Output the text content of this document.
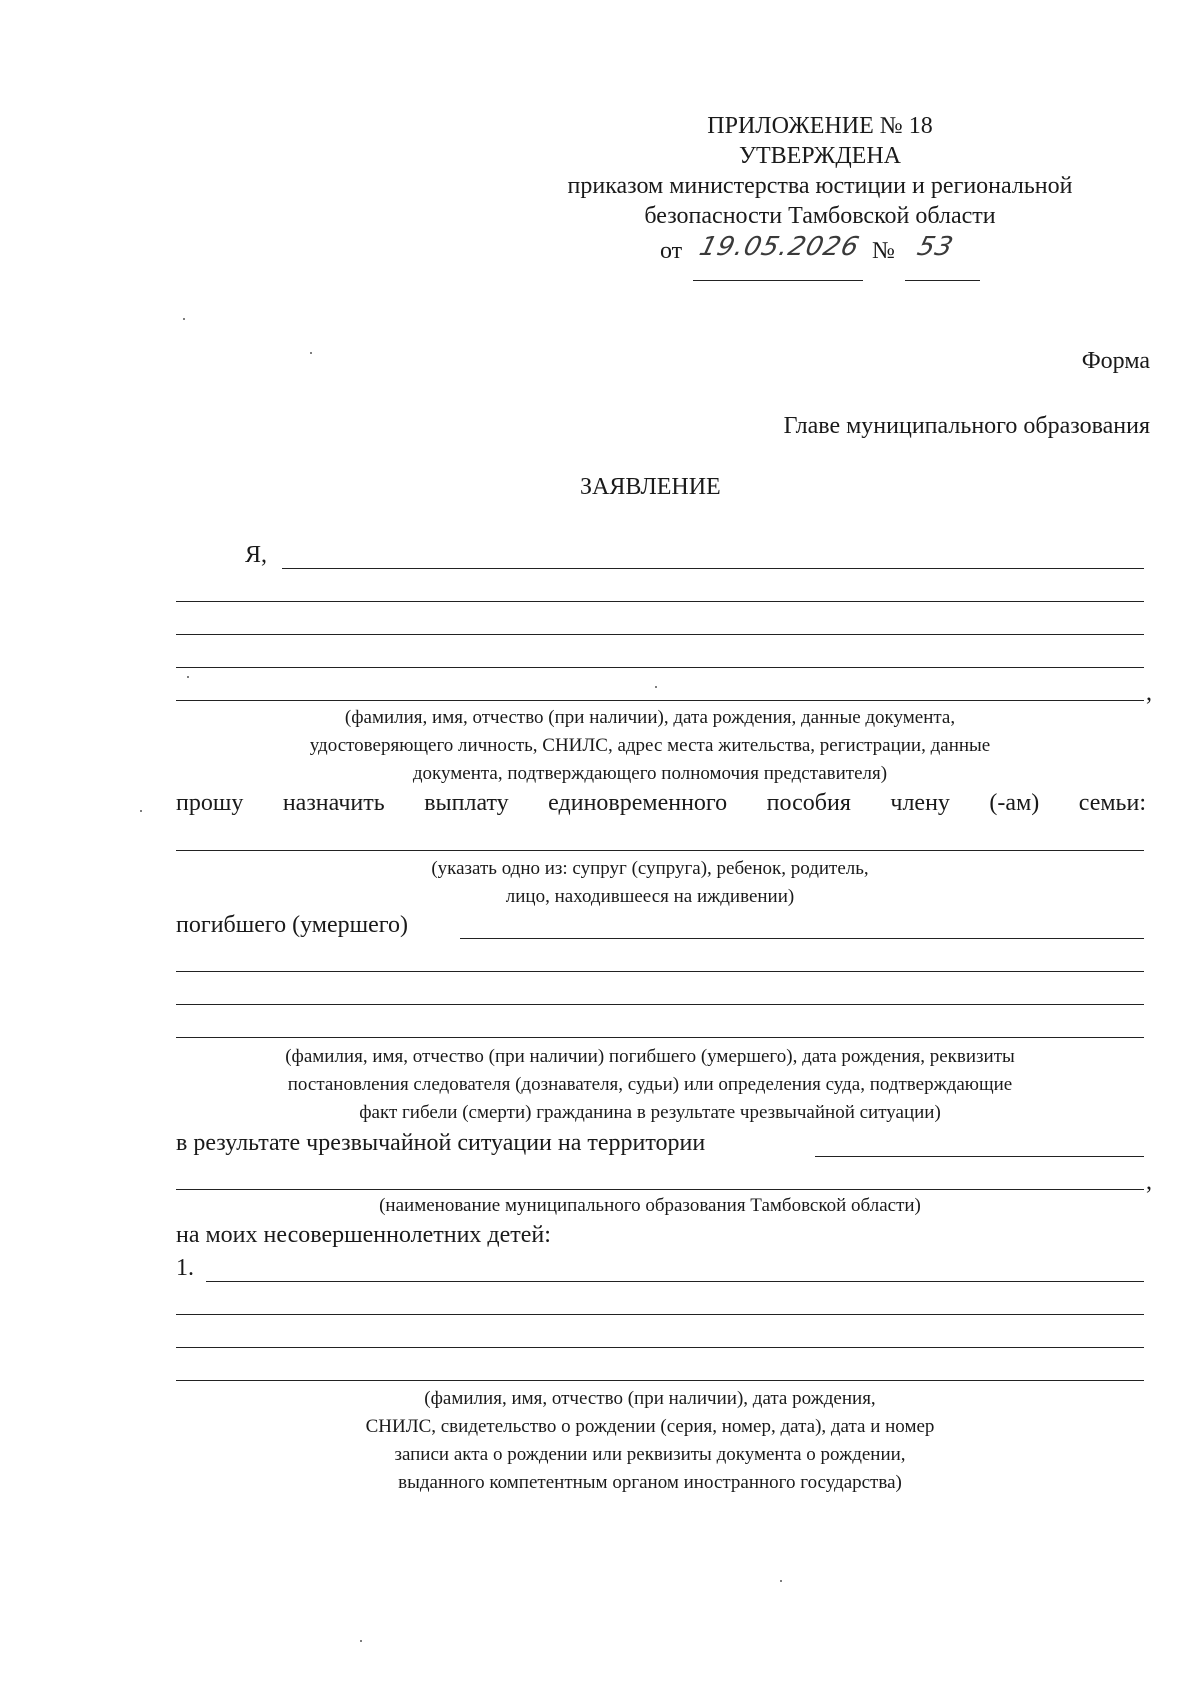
ПРИЛОЖЕНИЕ № 18
УТВЕРЖДЕНА
приказом министерства юстиции и региональной
безопасности Тамбовской области
от 19.05.2026 № 53
Форма
Главе муниципального образования
ЗАЯВЛЕНИЕ
Я,
,
(фамилия, имя, отчество (при наличии), дата рождения, данные документа,
удостоверяющего личность, СНИЛС, адрес места жительства, регистрации, данные
документа, подтверждающего полномочия представителя)
прошу назначить выплату единовременного пособия члену (-ам) семьи:
(указать одно из: супруг (супруга), ребенок, родитель,
лицо, находившееся на иждивении)
погибшего (умершего)
(фамилия, имя, отчество (при наличии) погибшего (умершего), дата рождения, реквизиты
постановления следователя (дознавателя, судьи) или определения суда, подтверждающие
факт гибели (смерти) гражданина в результате чрезвычайной ситуации)
в результате чрезвычайной ситуации на территории
,
(наименование муниципального образования Тамбовской области)
на моих несовершеннолетних детей:
1.
(фамилия, имя, отчество (при наличии), дата рождения,
СНИЛС, свидетельство о рождении (серия, номер, дата), дата и номер
записи акта о рождении или реквизиты документа о рождении,
выданного компетентным органом иностранного государства)
